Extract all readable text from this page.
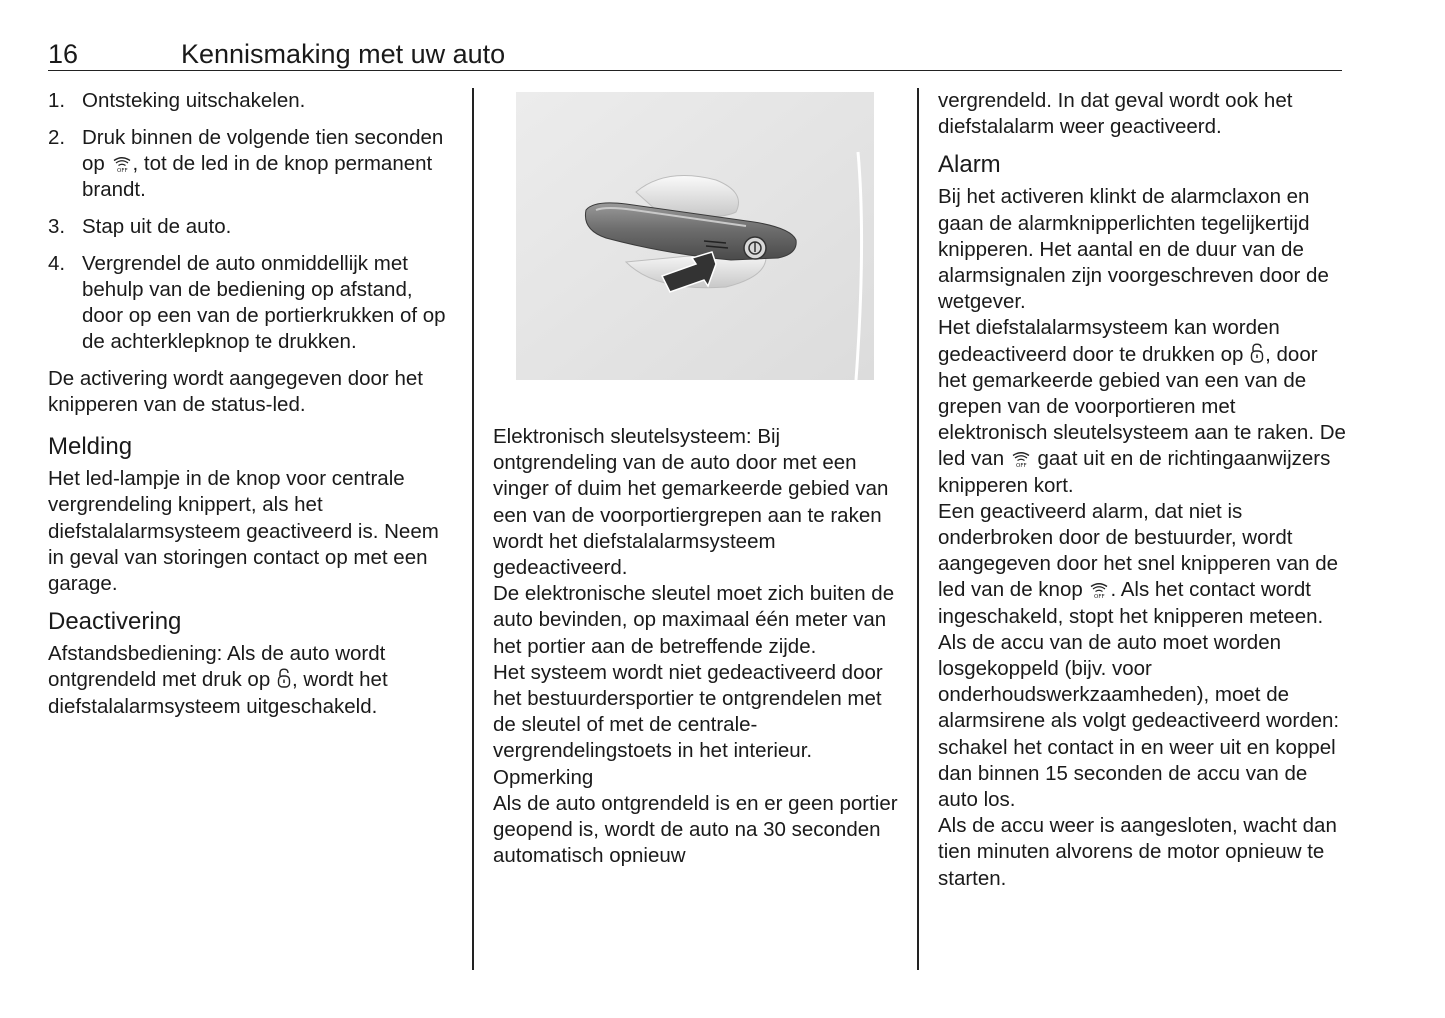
16	Kennismaking met uw auto
1. Ontsteking uitschakelen.
2. Druk binnen de volgende tien seconden op OFF , tot de led in de knop permanent brandt.
3. Stap uit de auto.
4. Vergrendel de auto onmiddellijk met behulp van de bediening op afstand, door op een van de portierkrukken of op de achterklepknop te drukken.

De activering wordt aangegeven door het knipperen van de status-led.

Melding

Het led-lampje in de knop voor centrale vergrendeling knippert, als het diefstalalarmsysteem geactiveerd is. Neem in geval van storingen contact op met een garage.

Deactivering

Afstandsbediening: Als de auto wordt ontgrendeld met druk op , wordt het diefstalalarmsysteem uitgeschakeld.

Elektronisch sleutelsysteem: Bij ontgrendeling van de auto door met een vinger of duim het gemarkeerde gebied van een van de voorportiergrepen aan te raken wordt het diefstalalarmsysteem gedeactiveerd.

De elektronische sleutel moet zich buiten de auto bevinden, op maximaal één meter van het portier aan de betreffende zijde.

Het systeem wordt niet gedeactiveerd door het bestuurdersportier te ontgrendelen met de sleutel of met de centrale-vergrendelingstoets in het interieur.

Opmerking

Als de auto ontgrendeld is en er geen portier geopend is, wordt de auto na 30 seconden automatisch opnieuw

vergrendeld. In dat geval wordt ook het diefstalalarm weer geactiveerd.

Alarm

Bij het activeren klinkt de alarmclaxon en gaan de alarmknipperlichten tegelijkertijd knipperen. Het aantal en de duur van de alarmsignalen zijn voorgeschreven door de wetgever.

Het diefstalalarmsysteem kan worden gedeactiveerd door te drukken op , door het gemarkeerde gebied van een van de grepen van de voorportieren met elektronisch sleutelsysteem aan te raken. De led van OFF gaat uit en de richtingaanwijzers knipperen kort.

Een geactiveerd alarm, dat niet is onderbroken door de bestuurder, wordt aangegeven door het snel knipperen van de led van de knop OFF . Als het contact wordt ingeschakeld, stopt het knipperen meteen.

Als de accu van de auto moet worden losgekoppeld (bijv. voor onderhoudswerkzaamheden), moet de alarmsirene als volgt gedeactiveerd worden: schakel het contact in en weer uit en koppel dan binnen 15 seconden de accu van de auto los.

Als de accu weer is aangesloten, wacht dan tien minuten alvorens de motor opnieuw te starten.
